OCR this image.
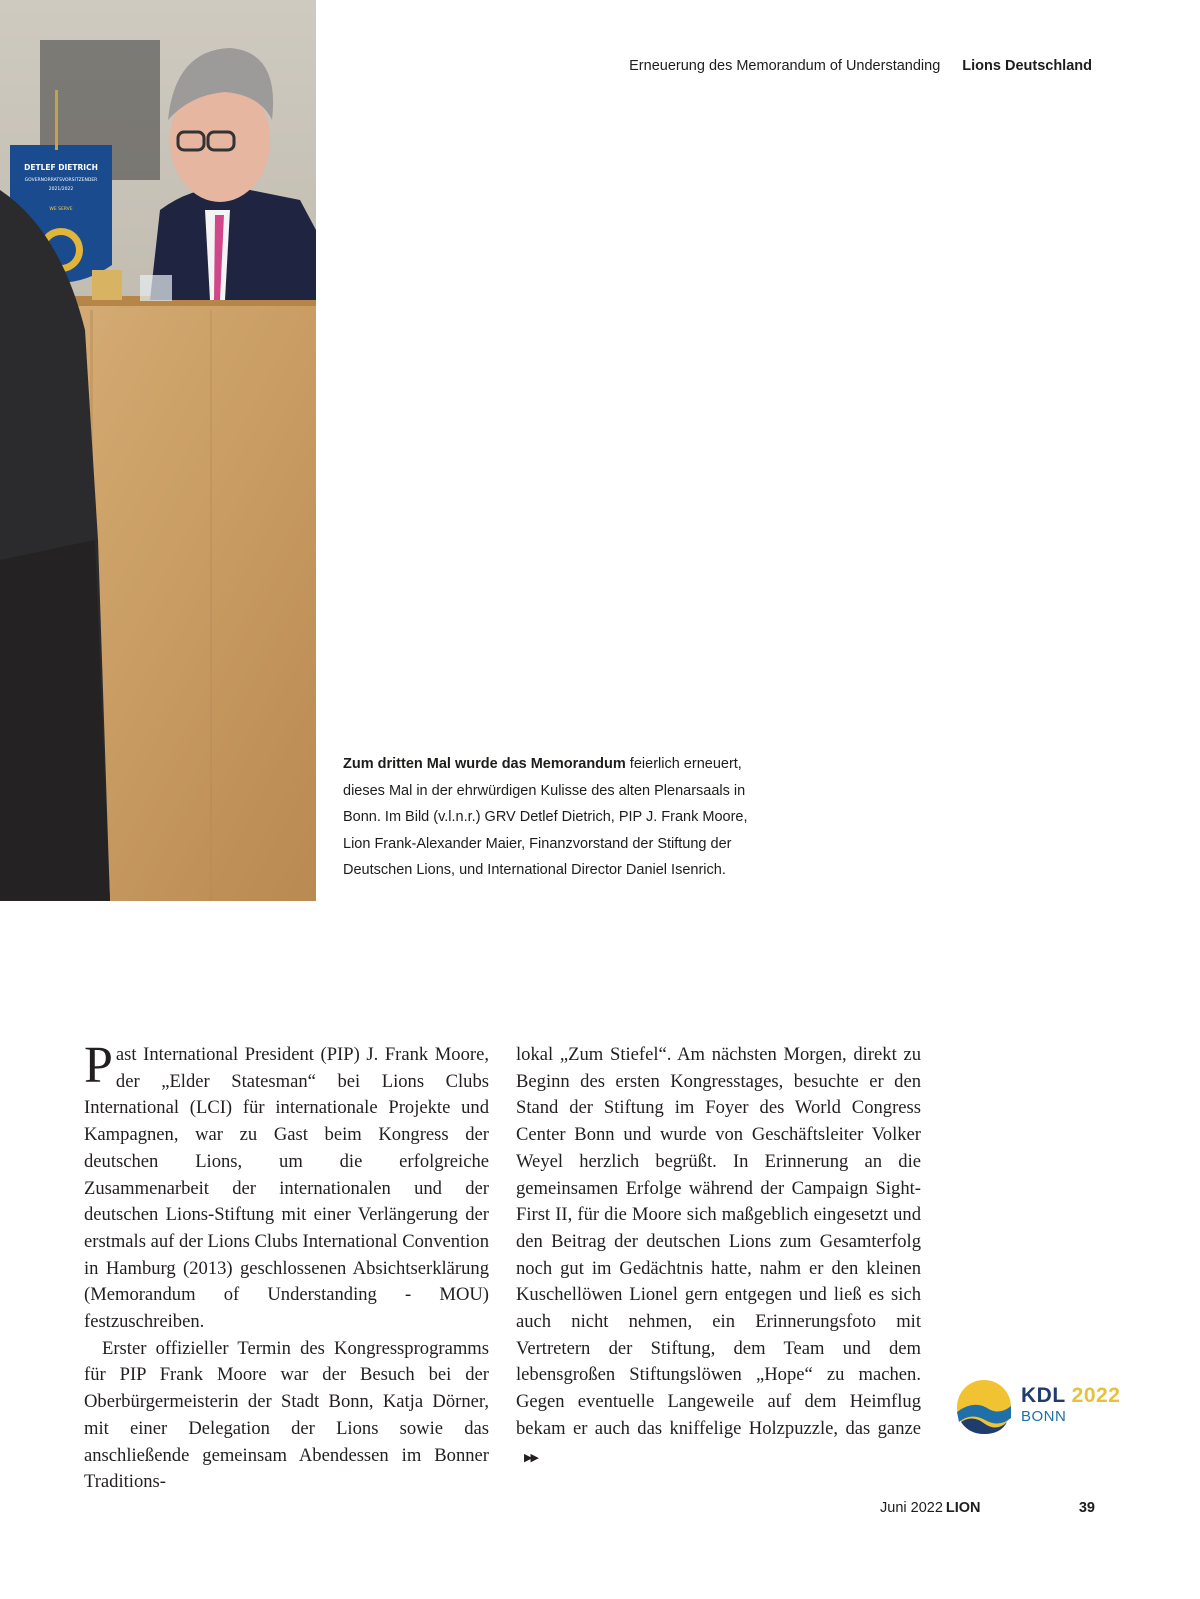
DETLEF DIETRICH
GOVERNORRATSVORSITZENDER
2021/2022
WE SERVE
Erneuerung des Memorandum of Understanding Lions Deutschland
Zum dritten Mal wurde das Memorandum feierlich erneuert, dieses Mal in der ehrwürdigen Kulisse des alten Plenarsaals in Bonn. Im Bild (v.l.n.r.) GRV Detlef Dietrich, PIP J. Frank Moore, Lion Frank-Alexander Maier, Finanzvorstand der Stiftung der Deutschen Lions, und International Director Daniel Isenrich.

Past International President (PIP) J. Frank Moore, der „Elder Statesman“ bei Lions Clubs International (LCI) für internationale Projekte und Kampagnen, war zu Gast beim Kongress der deutschen Lions, um die erfolgreiche Zusammenarbeit der internationalen und der deutschen Lions-Stiftung mit einer Verlängerung der erstmals auf der Lions Clubs International Convention in Hamburg (2013) geschlossenen Absichtserklärung (Memorandum of Understanding - MOU) festzuschreiben.

Erster offizieller Termin des Kongressprogramms für PIP Frank Moore war der Besuch bei der Oberbürgermeisterin der Stadt Bonn, Katja Dörner, mit einer Delegation der Lions sowie das anschließende gemeinsam Abendessen im Bonner Traditions-

lokal „Zum Stiefel“. Am nächsten Morgen, direkt zu Beginn des ersten Kongresstages, besuchte er den Stand der Stiftung im Foyer des World Congress Center Bonn und wurde von Geschäftsleiter Volker Weyel herzlich begrüßt. In Erinnerung an die gemeinsamen Erfolge während der Campaign Sight-First II, für die Moore sich maßgeblich eingesetzt und den Beitrag der deutschen Lions zum Gesamterfolg noch gut im Gedächtnis hatte, nahm er den kleinen Kuschellöwen Lionel gern entgegen und ließ es sich auch nicht nehmen, ein Erinnerungsfoto mit Vertretern der Stiftung, dem Team und dem lebensgroßen Stiftungslöwen „Hope“ zu machen. Gegen eventuelle Langeweile auf dem Heimflug bekam er auch das kniffelige Holzpuzzle, das ganze▶▶

KDL 2022
BONN
Juni 2022 LION	39
